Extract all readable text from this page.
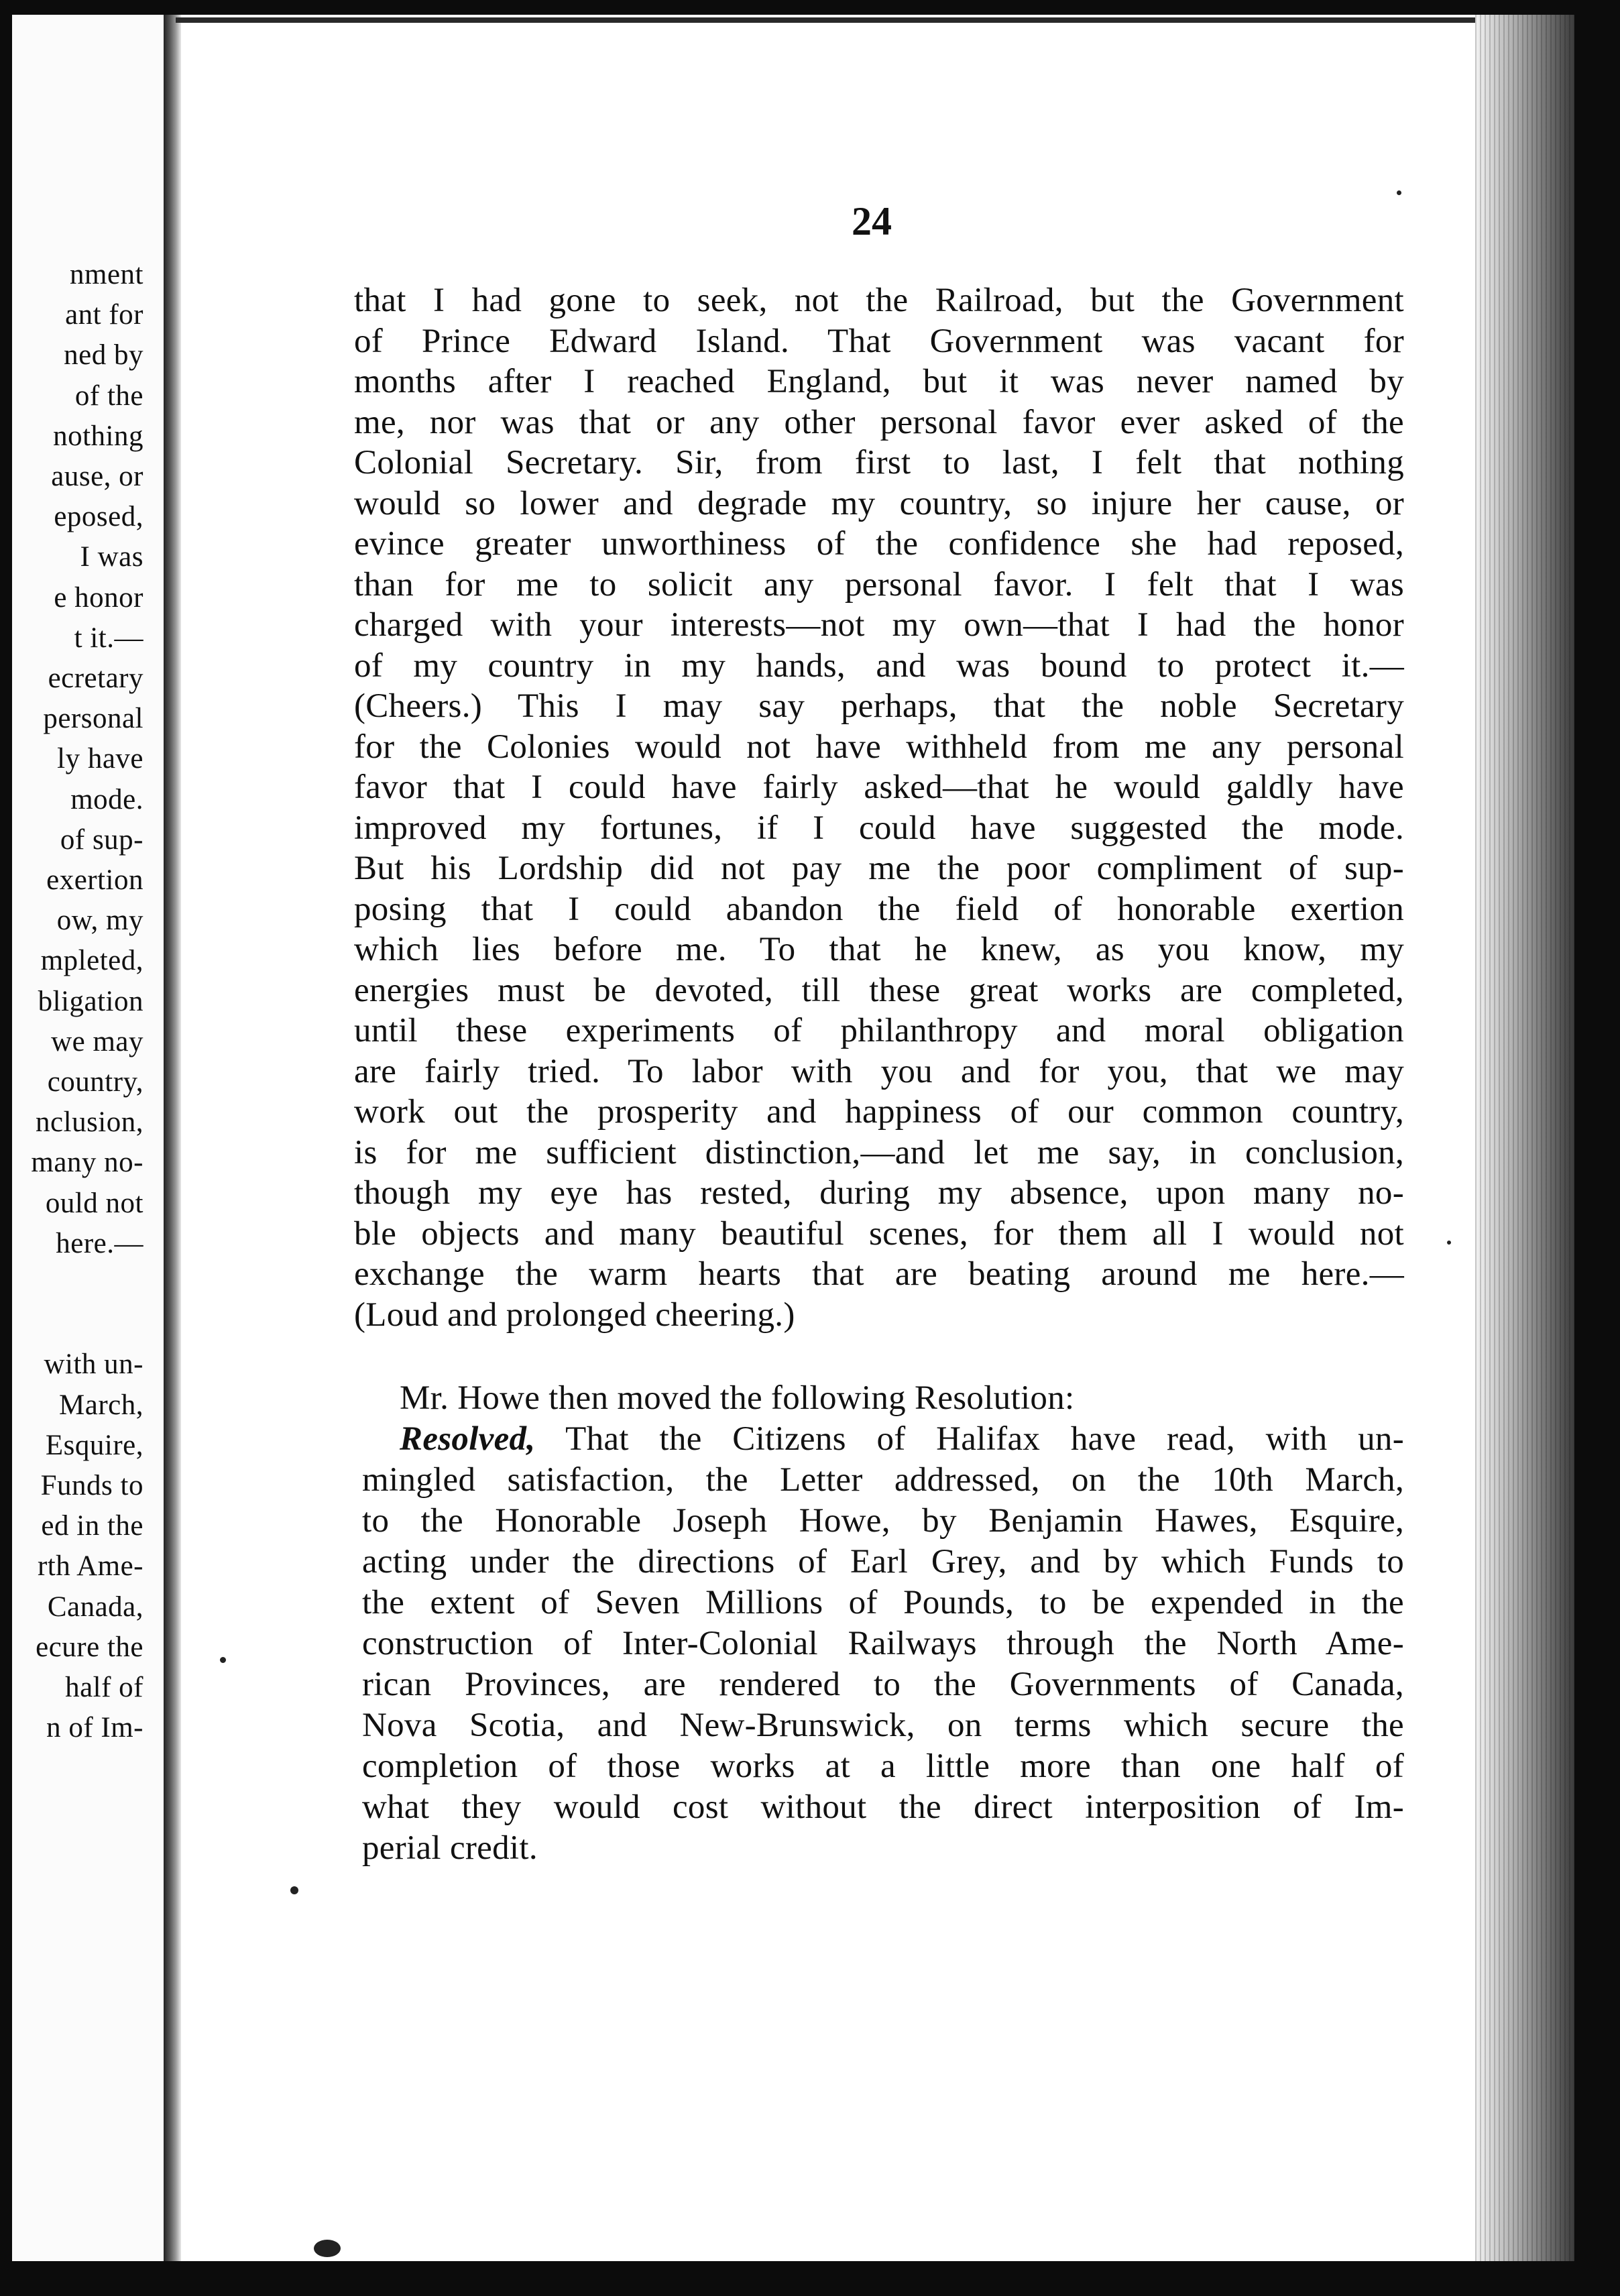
nment
ant for
ned by
of the
nothing
ause, or
eposed,
I was
e honor
t it.—
ecretary
personal
ly have
mode.
of sup-
exertion
ow, my
mpleted,
bligation
we may
country,
nclusion,
many no-
ould not
here.—
with un-
March,
Esquire,
Funds to
ed in the
rth Ame-
Canada,
ecure the
half of
n of Im-
24
that I had gone to seek, not the Railroad, but the Government
of Prince Edward Island. That Government was vacant for
months after I reached England, but it was never named by
me, nor was that or any other personal favor ever asked of the
Colonial Secretary. Sir, from first to last, I felt that nothing
would so lower and degrade my country, so injure her cause, or
evince greater unworthiness of the confidence she had reposed,
than for me to solicit any personal favor. I felt that I was
charged with your interests—not my own—that I had the honor
of my country in my hands, and was bound to protect it.—
(Cheers.) This I may say perhaps, that the noble Secretary
for the Colonies would not have withheld from me any personal
favor that I could have fairly asked—that he would galdly have
improved my fortunes, if I could have suggested the mode.
But his Lordship did not pay me the poor compliment of sup-
posing that I could abandon the field of honorable exertion
which lies before me. To that he knew, as you know, my
energies must be devoted, till these great works are completed,
until these experiments of philanthropy and moral obligation
are fairly tried. To labor with you and for you, that we may
work out the prosperity and happiness of our common country,
is for me sufficient distinction,—and let me say, in conclusion,
though my eye has rested, during my absence, upon many no-
ble objects and many beautiful scenes, for them all I would not
exchange the warm hearts that are beating around me here.—
(Loud and prolonged cheering.)
Mr. Howe then moved the following Resolution:
Resolved, That the Citizens of Halifax have read, with un-
mingled satisfaction, the Letter addressed, on the 10th March,
to the Honorable Joseph Howe, by Benjamin Hawes, Esquire,
acting under the directions of Earl Grey, and by which Funds to
the extent of Seven Millions of Pounds, to be expended in the
construction of Inter-Colonial Railways through the North Ame-
rican Provinces, are rendered to the Governments of Canada,
Nova Scotia, and New-Brunswick, on terms which secure the
completion of those works at a little more than one half of
what they would cost without the direct interposition of Im-
perial credit.
